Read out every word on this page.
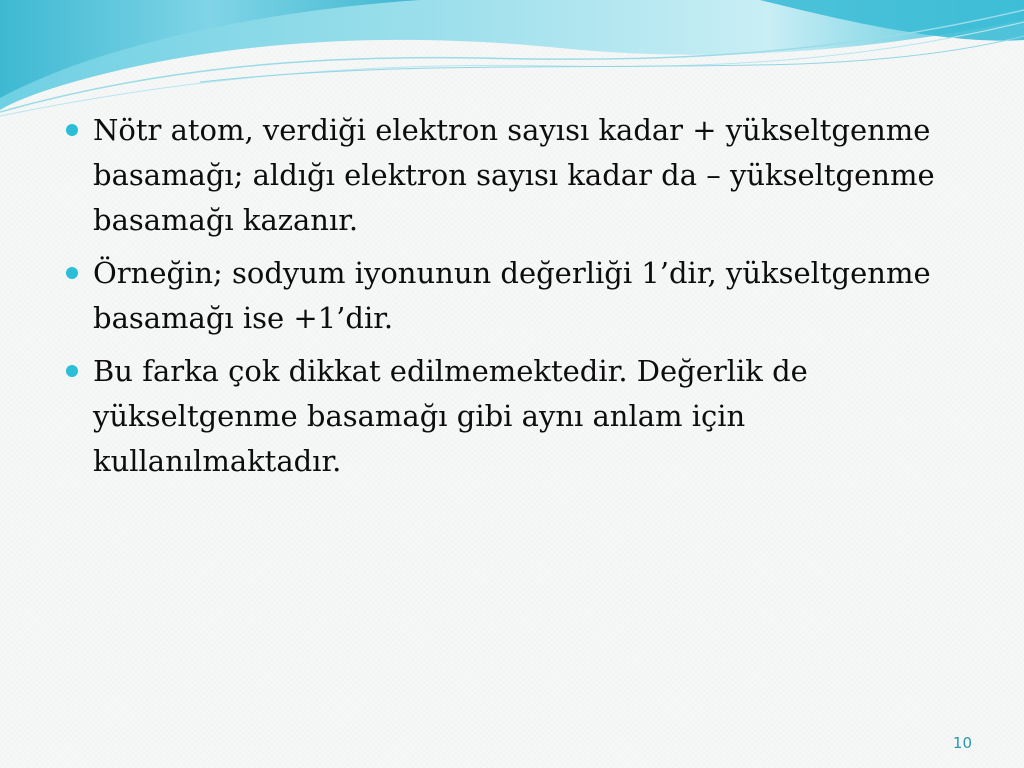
Nötr atom, verdiği elektron sayısı kadar + yükseltgenme basamağı; aldığı elektron sayısı kadar da – yükseltgenme basamağı kazanır.
Örneğin; sodyum iyonunun değerliği 1’dir, yükseltgenme basamağı ise +1’dir.
Bu farka çok dikkat edilmemektedir. Değerlik de yükseltgenme basamağı gibi aynı anlam için kullanılmaktadır.
10
